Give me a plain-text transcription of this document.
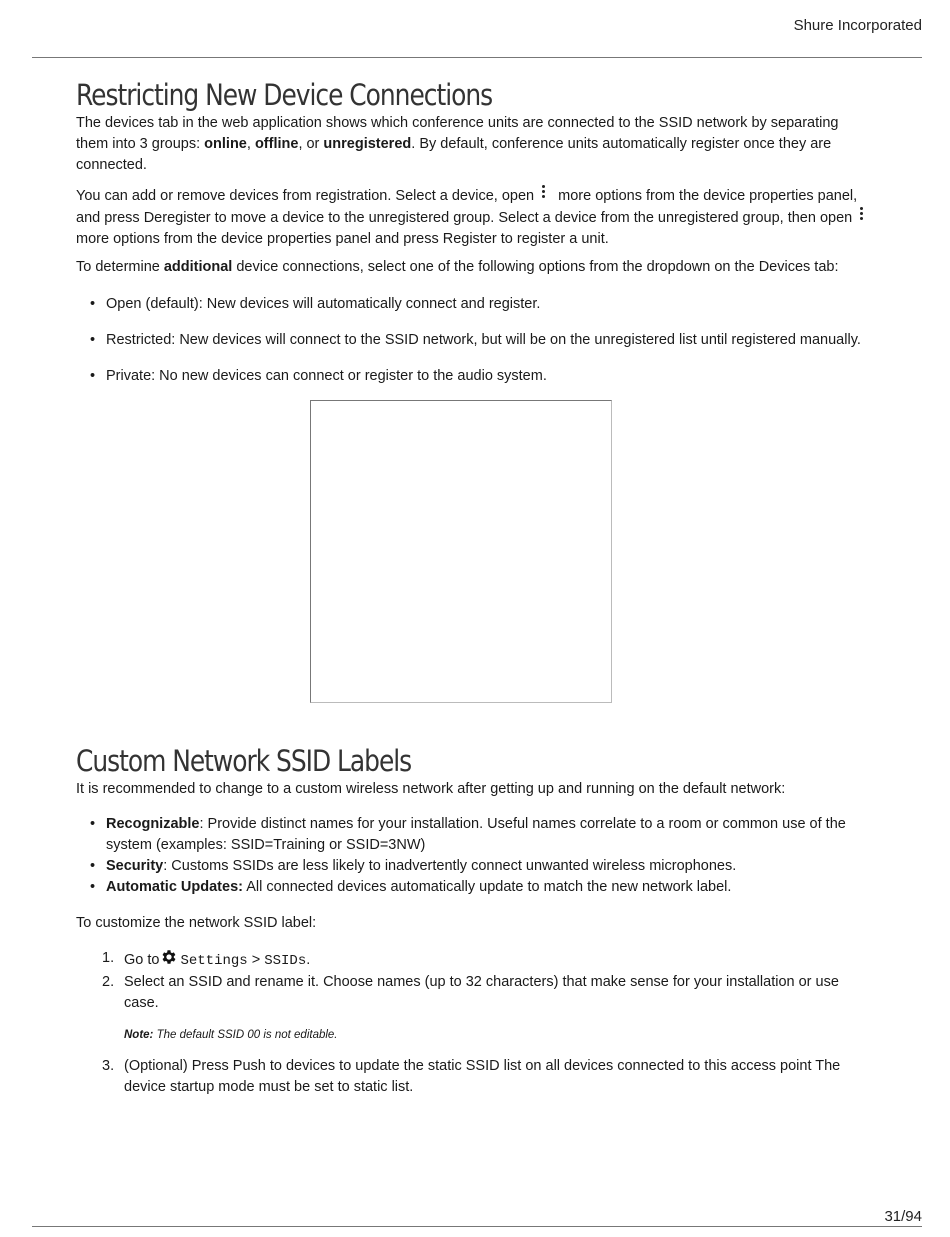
Shure Incorporated
Restricting New Device Connections

The devices tab in the web application shows which conference units are connected to the SSID network by separating them into 3 groups: online, offline, or unregistered. By default, conference units automatically register once they are connected.

You can add or remove devices from registration. Select a device, open more options from the device properties panel, and press Deregister to move a device to the unregistered group. Select a device from the unregistered group, then open
more options from the device properties panel and press Register to register a unit.

To determine additional device connections, select one of the following options from the dropdown on the Devices tab:

• Open (default): New devices will automatically connect and register.
• Restricted: New devices will connect to the SSID network, but will be on the unregistered list until registered manually.
• Private: No new devices can connect or register to the audio system.
Custom Network SSID Labels

It is recommended to change to a custom wireless network after getting up and running on the default network:

• Recognizable: Provide distinct names for your installation. Useful names correlate to a room or common use of the system (examples: SSID=Training or SSID=3NW)
• Security: Customs SSIDs are less likely to inadvertently connect unwanted wireless microphones.
• Automatic Updates: All connected devices automatically update to match the new network label.

To customize the network SSID label:

1. Go to Settings > SSIDs.
2. Select an SSID and rename it. Choose names (up to 32 characters) that make sense for your installation or use case.
Note: The default SSID 00 is not editable.
3. (Optional) Press Push to devices to update the static SSID list on all devices connected to this access point The device startup mode must be set to static list.
31/94
